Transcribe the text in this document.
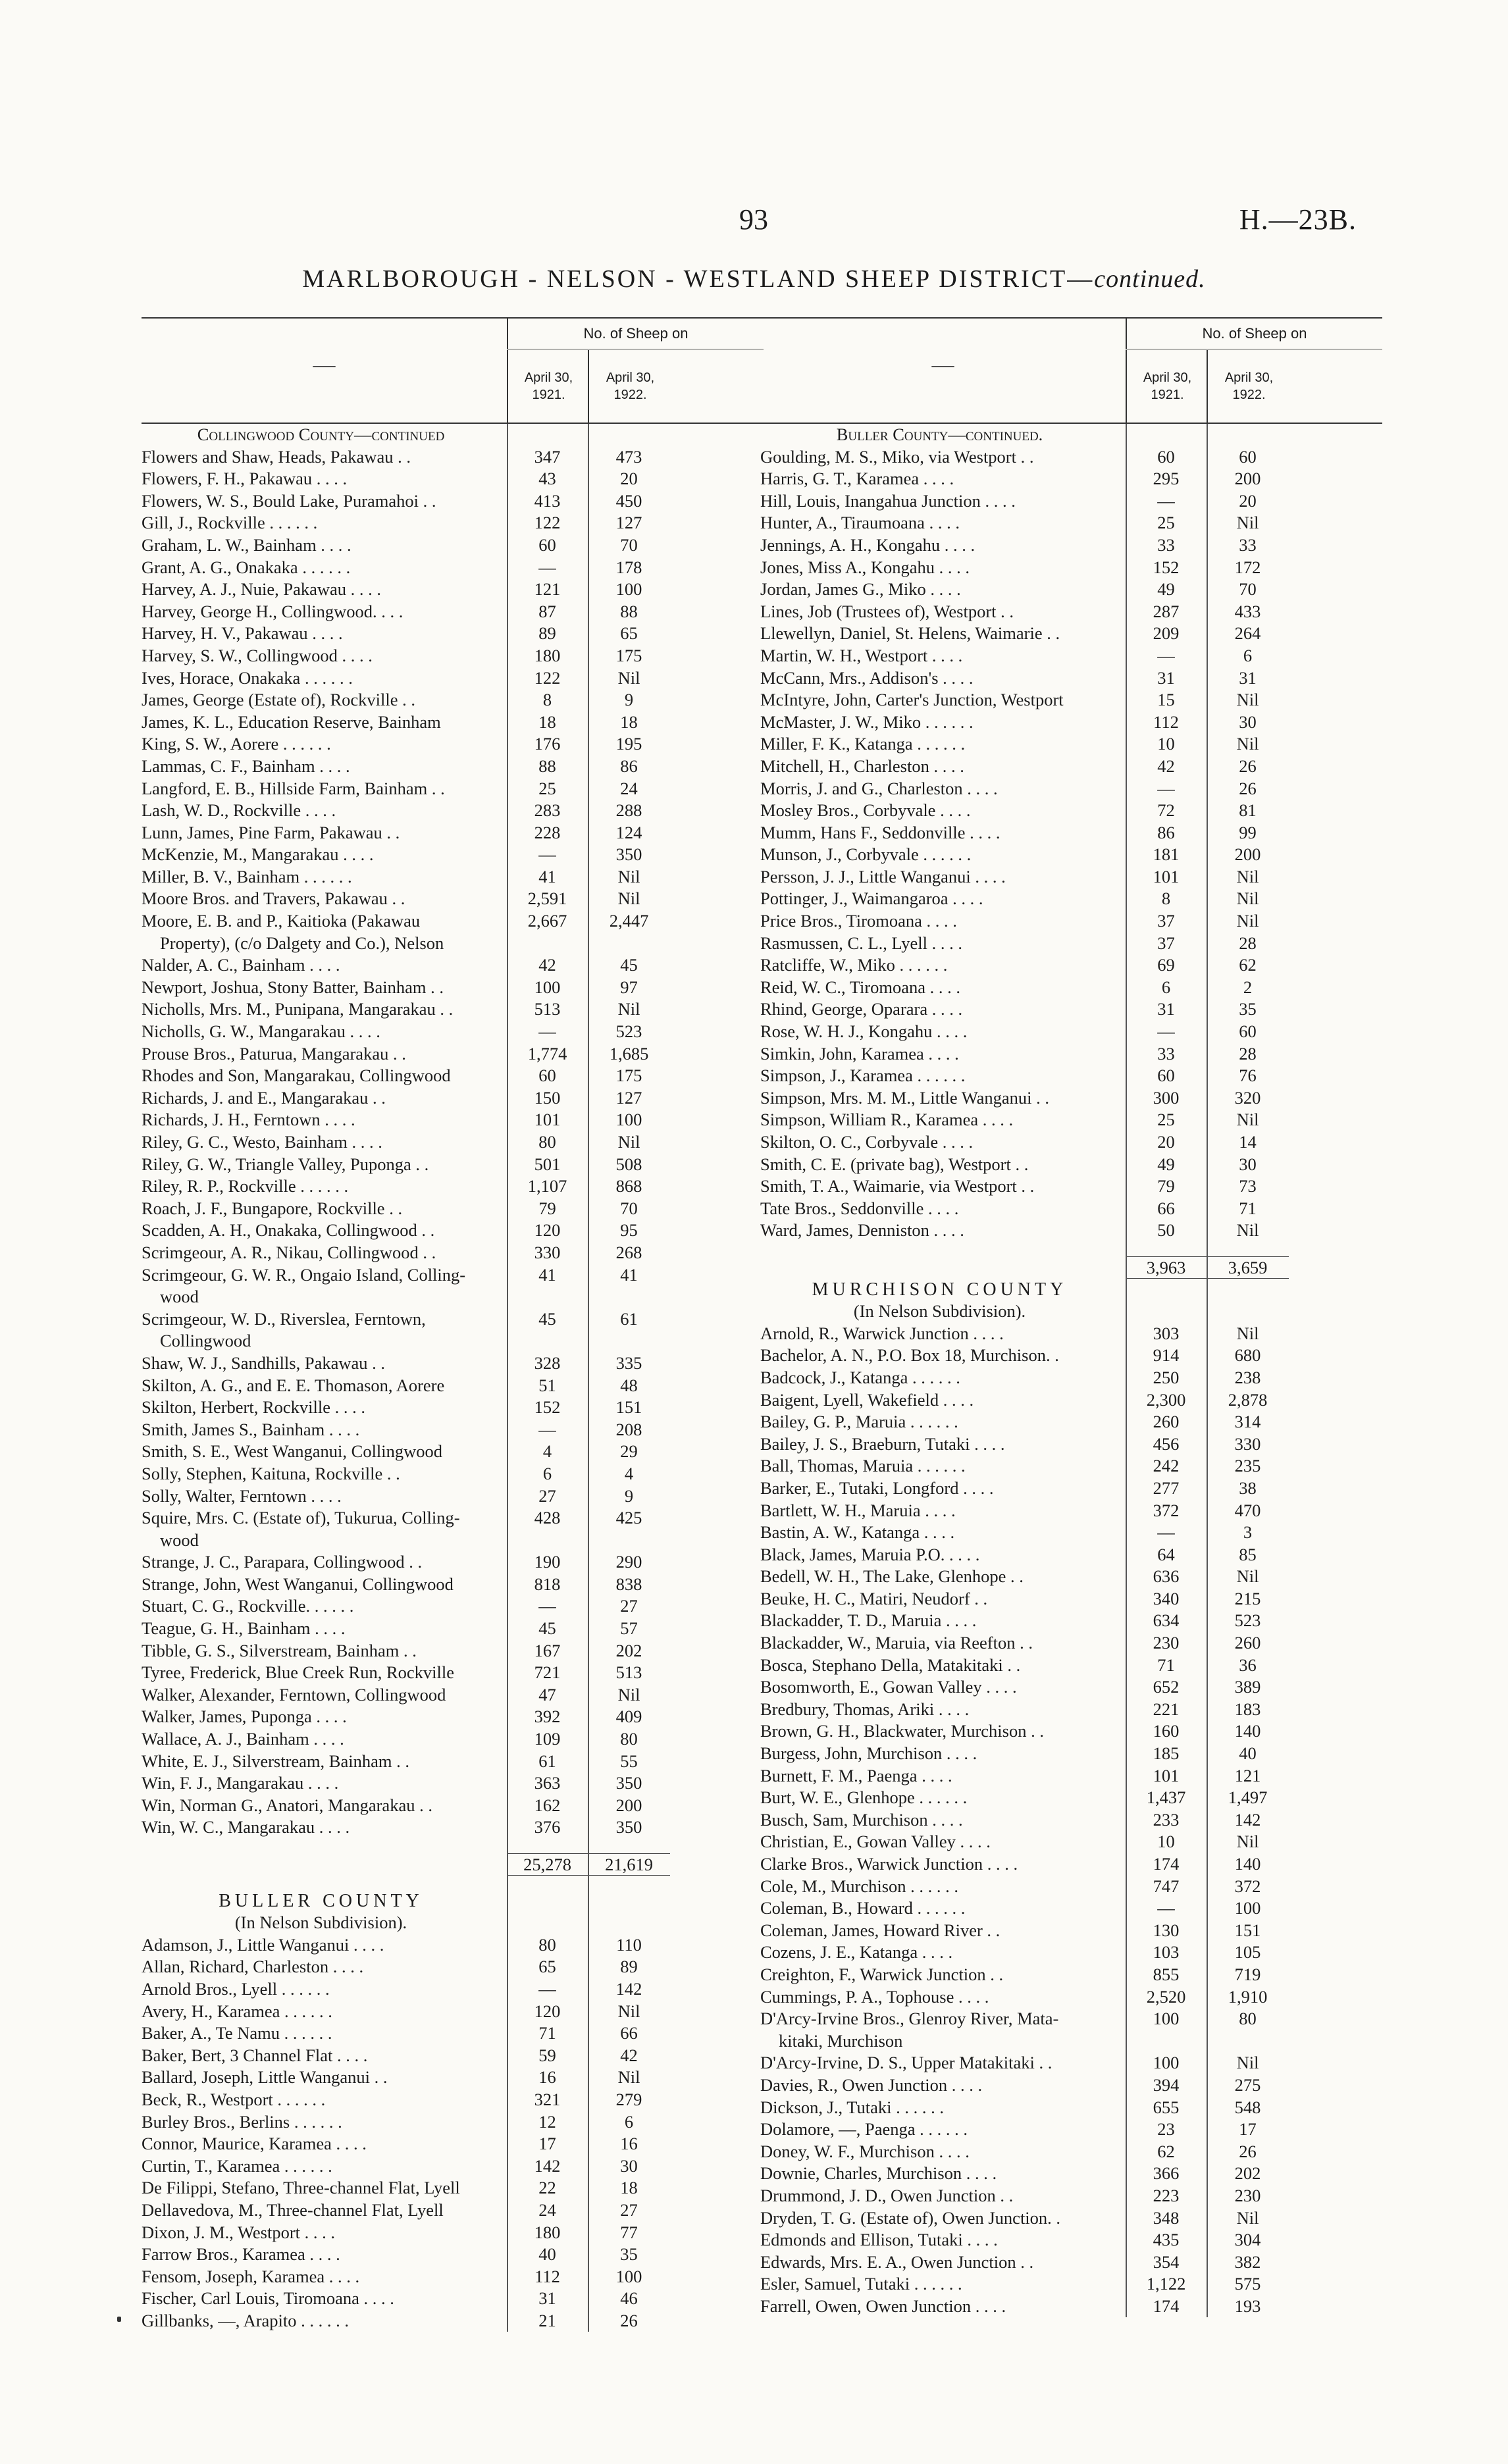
93	H.—23B.
MARLBOROUGH - NELSON - WESTLAND SHEEP DISTRICT—continued.
—
No. of Sheep on
April 30, 1921.
April 30, 1922.
Collingwood County—continued
Flowers and Shaw, Heads, Pakawau . .	347	473
Flowers, F. H., Pakawau . . . .	43	20
Flowers, W. S., Bould Lake, Puramahoi . .	413	450
Gill, J., Rockville . . . . . .	122	127
Graham, L. W., Bainham . . . .	60	70
Grant, A. G., Onakaka . . . . . .	—	178
Harvey, A. J., Nuie, Pakawau . . . .	121	100
Harvey, George H., Collingwood. . . .	87	88
Harvey, H. V., Pakawau . . . .	89	65
Harvey, S. W., Collingwood . . . .	180	175
Ives, Horace, Onakaka . . . . . .	122	Nil
James, George (Estate of), Rockville . .	8	9
James, K. L., Education Reserve, Bainham	18	18
King, S. W., Aorere . . . . . .	176	195
Lammas, C. F., Bainham . . . .	88	86
Langford, E. B., Hillside Farm, Bainham . .	25	24
Lash, W. D., Rockville . . . .	283	288
Lunn, James, Pine Farm, Pakawau . .	228	124
McKenzie, M., Mangarakau . . . .	—	350
Miller, B. V., Bainham . . . . . .	41	Nil
Moore Bros. and Travers, Pakawau . .	2,591	Nil
Moore, E. B. and P., Kaitioka (Pakawau	2,667	2,447
Property), (c/o Dalgety and Co.), Nelson
Nalder, A. C., Bainham . . . .	42	45
Newport, Joshua, Stony Batter, Bainham . .	100	97
Nicholls, Mrs. M., Punipana, Mangarakau . .	513	Nil
Nicholls, G. W., Mangarakau . . . .	—	523
Prouse Bros., Paturua, Mangarakau . .	1,774	1,685
Rhodes and Son, Mangarakau, Collingwood	60	175
Richards, J. and E., Mangarakau . .	150	127
Richards, J. H., Ferntown . . . .	101	100
Riley, G. C., Westo, Bainham . . . .	80	Nil
Riley, G. W., Triangle Valley, Puponga . .	501	508
Riley, R. P., Rockville . . . . . .	1,107	868
Roach, J. F., Bungapore, Rockville . .	79	70
Scadden, A. H., Onakaka, Collingwood . .	120	95
Scrimgeour, A. R., Nikau, Collingwood . .	330	268
Scrimgeour, G. W. R., Ongaio Island, Colling-	41	41
wood
Scrimgeour, W. D., Riverslea, Ferntown,	45	61
Collingwood
Shaw, W. J., Sandhills, Pakawau . .	328	335
Skilton, A. G., and E. E. Thomason, Aorere	51	48
Skilton, Herbert, Rockville . . . .	152	151
Smith, James S., Bainham . . . .	—	208
Smith, S. E., West Wanganui, Collingwood	4	29
Solly, Stephen, Kaituna, Rockville . .	6	4
Solly, Walter, Ferntown . . . .	27	9
Squire, Mrs. C. (Estate of), Tukurua, Colling-	428	425
wood
Strange, J. C., Parapara, Collingwood . .	190	290
Strange, John, West Wanganui, Collingwood	818	838
Stuart, C. G., Rockville. . . . . .	—	27
Teague, G. H., Bainham . . . .	45	57
Tibble, G. S., Silverstream, Bainham . .	167	202
Tyree, Frederick, Blue Creek Run, Rockville	721	513
Walker, Alexander, Ferntown, Collingwood	47	Nil
Walker, James, Puponga . . . .	392	409
Wallace, A. J., Bainham . . . .	109	80
White, E. J., Silverstream, Bainham . .	61	55
Win, F. J., Mangarakau . . . .	363	350
Win, Norman G., Anatori, Mangarakau . .	162	200
Win, W. C., Mangarakau . . . .	376	350
25,278	21,619
BULLER COUNTY
(In Nelson Subdivision).
Adamson, J., Little Wanganui . . . .	80	110
Allan, Richard, Charleston . . . .	65	89
Arnold Bros., Lyell . . . . . .	—	142
Avery, H., Karamea . . . . . .	120	Nil
Baker, A., Te Namu . . . . . .	71	66
Baker, Bert, 3 Channel Flat . . . .	59	42
Ballard, Joseph, Little Wanganui . .	16	Nil
Beck, R., Westport . . . . . .	321	279
Burley Bros., Berlins . . . . . .	12	6
Connor, Maurice, Karamea . . . .	17	16
Curtin, T., Karamea . . . . . .	142	30
De Filippi, Stefano, Three-channel Flat, Lyell	22	18
Dellavedova, M., Three-channel Flat, Lyell	24	27
Dixon, J. M., Westport . . . .	180	77
Farrow Bros., Karamea . . . .	40	35
Fensom, Joseph, Karamea . . . .	112	100
Fischer, Carl Louis, Tiromoana . . . .	31	46
Gillbanks, —, Arapito . . . . . .	21	26
—
No. of Sheep on
April 30, 1921.
April 30, 1922.
Buller County—continued.
Goulding, M. S., Miko, via Westport . .	60	60
Harris, G. T., Karamea . . . .	295	200
Hill, Louis, Inangahua Junction . . . .	—	20
Hunter, A., Tiraumoana . . . .	25	Nil
Jennings, A. H., Kongahu . . . .	33	33
Jones, Miss A., Kongahu . . . .	152	172
Jordan, James G., Miko . . . .	49	70
Lines, Job (Trustees of), Westport . .	287	433
Llewellyn, Daniel, St. Helens, Waimarie . .	209	264
Martin, W. H., Westport . . . .	—	6
McCann, Mrs., Addison's . . . .	31	31
McIntyre, John, Carter's Junction, Westport	15	Nil
McMaster, J. W., Miko . . . . . .	112	30
Miller, F. K., Katanga . . . . . .	10	Nil
Mitchell, H., Charleston . . . .	42	26
Morris, J. and G., Charleston . . . .	—	26
Mosley Bros., Corbyvale . . . .	72	81
Mumm, Hans F., Seddonville . . . .	86	99
Munson, J., Corbyvale . . . . . .	181	200
Persson, J. J., Little Wanganui . . . .	101	Nil
Pottinger, J., Waimangaroa . . . .	8	Nil
Price Bros., Tiromoana . . . .	37	Nil
Rasmussen, C. L., Lyell . . . .	37	28
Ratcliffe, W., Miko . . . . . .	69	62
Reid, W. C., Tiromoana . . . .	6	2
Rhind, George, Oparara . . . .	31	35
Rose, W. H. J., Kongahu . . . .	—	60
Simkin, John, Karamea . . . .	33	28
Simpson, J., Karamea . . . . . .	60	76
Simpson, Mrs. M. M., Little Wanganui . .	300	320
Simpson, William R., Karamea . . . .	25	Nil
Skilton, O. C., Corbyvale . . . .	20	14
Smith, C. E. (private bag), Westport . .	49	30
Smith, T. A., Waimarie, via Westport . .	79	73
Tate Bros., Seddonville . . . .	66	71
Ward, James, Denniston . . . .	50	Nil
3,963	3,659
MURCHISON COUNTY
(In Nelson Subdivision).
Arnold, R., Warwick Junction . . . .	303	Nil
Bachelor, A. N., P.O. Box 18, Murchison. .	914	680
Badcock, J., Katanga . . . . . .	250	238
Baigent, Lyell, Wakefield . . . .	2,300	2,878
Bailey, G. P., Maruia . . . . . .	260	314
Bailey, J. S., Braeburn, Tutaki . . . .	456	330
Ball, Thomas, Maruia . . . . . .	242	235
Barker, E., Tutaki, Longford . . . .	277	38
Bartlett, W. H., Maruia . . . .	372	470
Bastin, A. W., Katanga . . . .	—	3
Black, James, Maruia P.O. . . . .	64	85
Bedell, W. H., The Lake, Glenhope . .	636	Nil
Beuke, H. C., Matiri, Neudorf . .	340	215
Blackadder, T. D., Maruia . . . .	634	523
Blackadder, W., Maruia, via Reefton . .	230	260
Bosca, Stephano Della, Matakitaki . .	71	36
Bosomworth, E., Gowan Valley . . . .	652	389
Bredbury, Thomas, Ariki . . . .	221	183
Brown, G. H., Blackwater, Murchison . .	160	140
Burgess, John, Murchison . . . .	185	40
Burnett, F. M., Paenga . . . .	101	121
Burt, W. E., Glenhope . . . . . .	1,437	1,497
Busch, Sam, Murchison . . . .	233	142
Christian, E., Gowan Valley . . . .	10	Nil
Clarke Bros., Warwick Junction . . . .	174	140
Cole, M., Murchison . . . . . .	747	372
Coleman, B., Howard . . . . . .	—	100
Coleman, James, Howard River . .	130	151
Cozens, J. E., Katanga . . . .	103	105
Creighton, F., Warwick Junction . .	855	719
Cummings, P. A., Tophouse . . . .	2,520	1,910
D'Arcy-Irvine Bros., Glenroy River, Mata-	100	80
kitaki, Murchison
D'Arcy-Irvine, D. S., Upper Matakitaki . .	100	Nil
Davies, R., Owen Junction . . . .	394	275
Dickson, J., Tutaki . . . . . .	655	548
Dolamore, —, Paenga . . . . . .	23	17
Doney, W. F., Murchison . . . .	62	26
Downie, Charles, Murchison . . . .	366	202
Drummond, J. D., Owen Junction . .	223	230
Dryden, T. G. (Estate of), Owen Junction. .	348	Nil
Edmonds and Ellison, Tutaki . . . .	435	304
Edwards, Mrs. E. A., Owen Junction . .	354	382
Esler, Samuel, Tutaki . . . . . .	1,122	575
Farrell, Owen, Owen Junction . . . .	174	193
